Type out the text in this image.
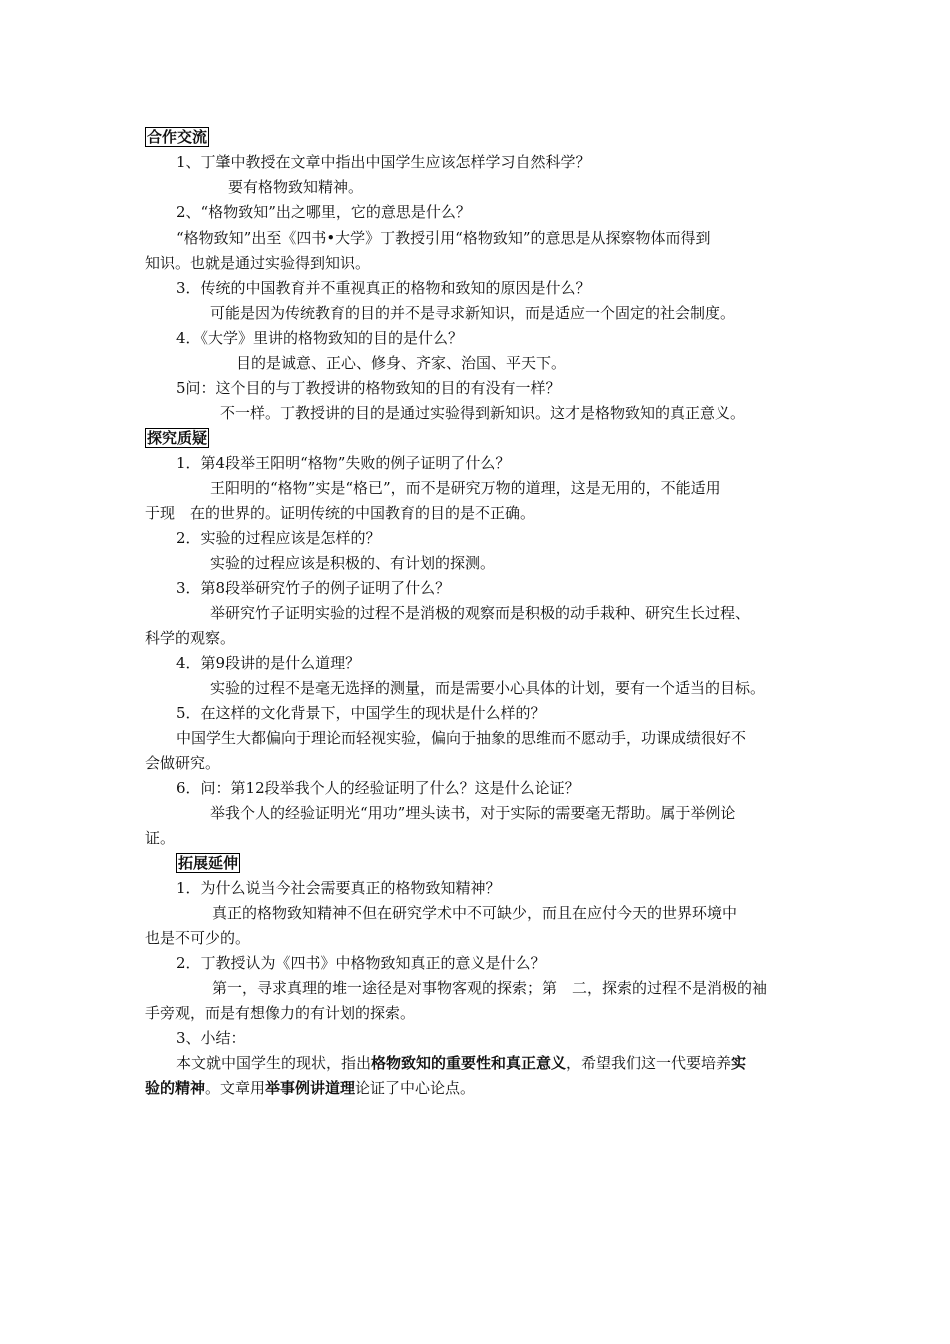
合作交流
1、丁肇中教授在文章中指出中国学生应该怎样学习自然科学？
要有格物致知精神。
2、“格物致知”出之哪里，它的意思是什么？
“格物致知”出至《四书•大学》丁教授引用“格物致知”的意思是从探察物体而得到
知识。也就是通过实验得到知识。
3．传统的中国教育并不重视真正的格物和致知的原因是什么？
可能是因为传统教育的目的并不是寻求新知识，而是适应一个固定的社会制度。
4．《大学》里讲的格物致知的目的是什么？
目的是诚意、正心、修身、齐家、治国、平天下。
5问：这个目的与丁教授讲的格物致知的目的有没有一样？
不一样。丁教授讲的目的是通过实验得到新知识。这才是格物致知的真正意义。
探究质疑
1．第4段举王阳明“格物”失败的例子证明了什么？
王阳明的“格物”实是“格已”，而不是研究万物的道理，这是无用的，不能适用
于现　在的世界的。证明传统的中国教育的目的是不正确。
2．实验的过程应该是怎样的？
实验的过程应该是积极的、有计划的探测。
3．第8段举研究竹子的例子证明了什么？
举研究竹子证明实验的过程不是消极的观察而是积极的动手栽种、研究生长过程、
科学的观察。
4．第9段讲的是什么道理？
实验的过程不是毫无选择的测量，而是需要小心具体的计划，要有一个适当的目标。
5．在这样的文化背景下，中国学生的现状是什么样的？
中国学生大都偏向于理论而轻视实验，偏向于抽象的思维而不愿动手，功课成绩很好不
会做研究。
6．问：第12段举我个人的经验证明了什么？这是什么论证？
举我个人的经验证明光“用功”埋头读书，对于实际的需要毫无帮助。属于举例论
证。
拓展延伸
1．为什么说当今社会需要真正的格物致知精神？
真正的格物致知精神不但在研究学术中不可缺少，而且在应付今天的世界环境中
也是不可少的。
2．丁教授认为《四书》中格物致知真正的意义是什么？
第一，寻求真理的堆一途径是对事物客观的探索；第　二，探索的过程不是消极的袖
手旁观，而是有想像力的有计划的探索。
3、小结：
本文就中国学生的现状，指出格物致知的重要性和真正意义，希望我们这一代要培养实
验的精神。文章用举事例讲道理论证了中心论点。
